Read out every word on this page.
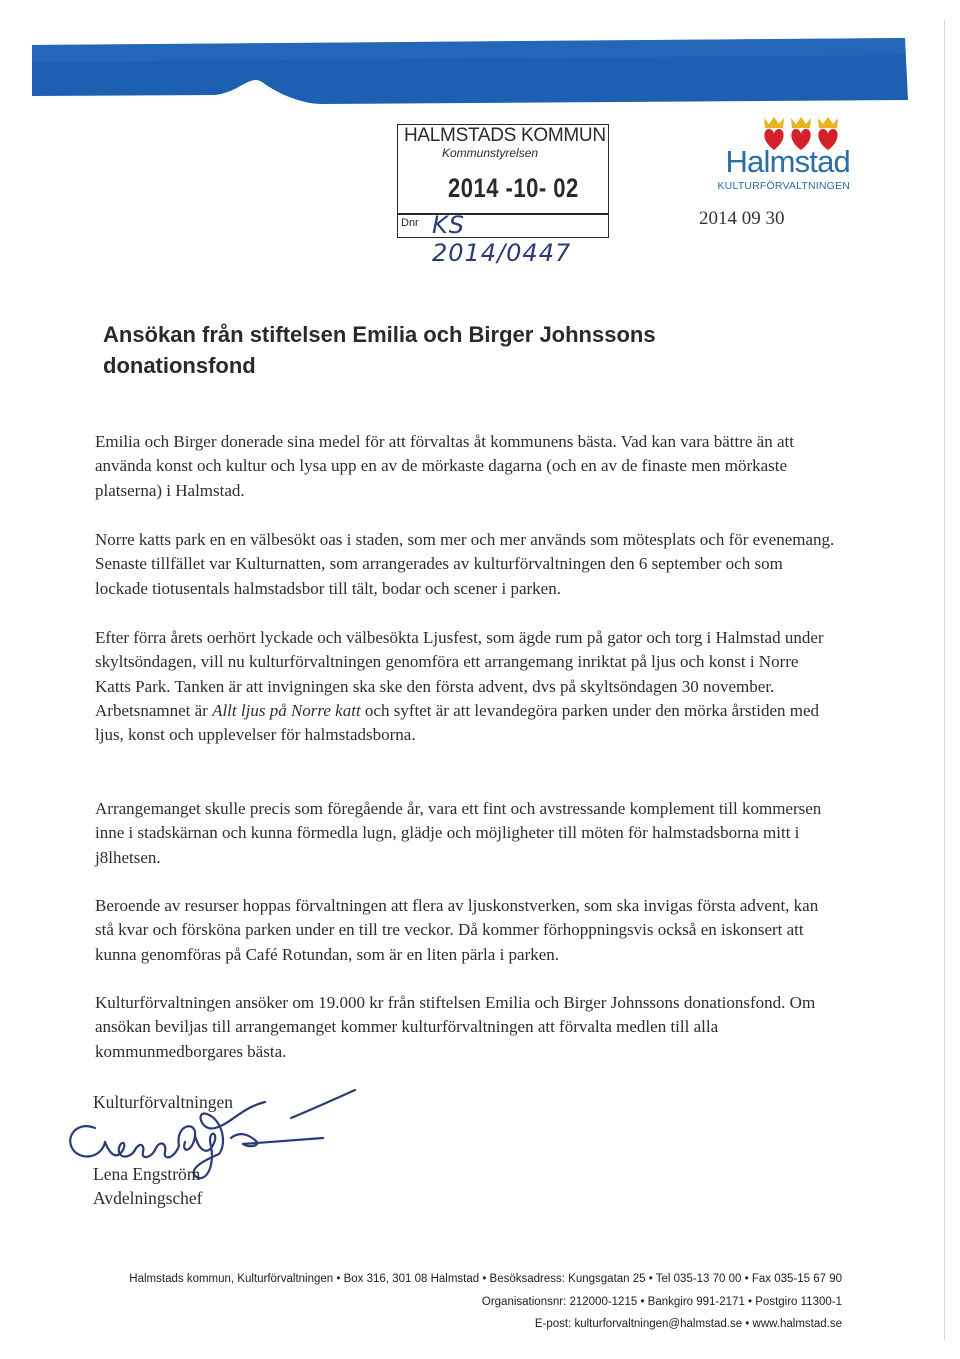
HALMSTADS KOMMUN
Kommunstyrelsen
2014 -10- 02
Dnr KS 2014/0447
Halmstad
KULTURFÖRVALTNINGEN
2014 09 30
Ansökan från stiftelsen Emilia och Birger Johnssons donationsfond

Emilia och Birger donerade sina medel för att förvaltas åt kommunens bästa. Vad kan vara bättre än att använda konst och kultur och lysa upp en av de mörkaste dagarna (och en av de finaste men mörkaste platserna) i Halmstad.

Norre katts park en en välbesökt oas i staden, som mer och mer används som mötesplats och för evenemang. Senaste tillfället var Kulturnatten, som arrangerades av kulturförvaltningen den 6 september och som lockade tiotusentals halmstadsbor till tält, bodar och scener i parken.

Efter förra årets oerhört lyckade och välbesökta Ljusfest, som ägde rum på gator och torg i Halmstad under skyltsöndagen, vill nu kulturförvaltningen genomföra ett arrangemang inriktat på ljus och konst i Norre Katts Park. Tanken är att invigningen ska ske den första advent, dvs på skyltsöndagen 30 november. Arbetsnamnet är Allt ljus på Norre katt och syftet är att levandegöra parken under den mörka årstiden med ljus, konst och upplevelser för halmstadsborna.

Arrangemanget skulle precis som föregående år, vara ett fint och avstressande komplement till kommersen inne i stadskärnan och kunna förmedla lugn, glädje och möjligheter till möten för halmstadsborna mitt i j8lhetsen.

Beroende av resurser hoppas förvaltningen att flera av ljuskonstverken, som ska invigas första advent, kan stå kvar och försköna parken under en till tre veckor. Då kommer förhoppningsvis också en iskonsert att kunna genomföras på Café Rotundan, som är en liten pärla i parken.

Kulturförvaltningen ansöker om 19.000 kr från stiftelsen Emilia och Birger Johnssons donationsfond. Om ansökan beviljas till arrangemanget kommer kulturförvaltningen att förvalta medlen till alla kommunmedborgares bästa.

Kulturförvaltningen
Lena Engström
Avdelningschef
Halmstads kommun, Kulturförvaltningen • Box 316, 301 08 Halmstad • Besöksadress: Kungsgatan 25 • Tel 035-13 70 00 • Fax 035-15 67 90
Organisationsnr: 212000-1215 • Bankgiro 991-2171 • Postgiro 11300-1
E-post: kulturforvaltningen@halmstad.se • www.halmstad.se
